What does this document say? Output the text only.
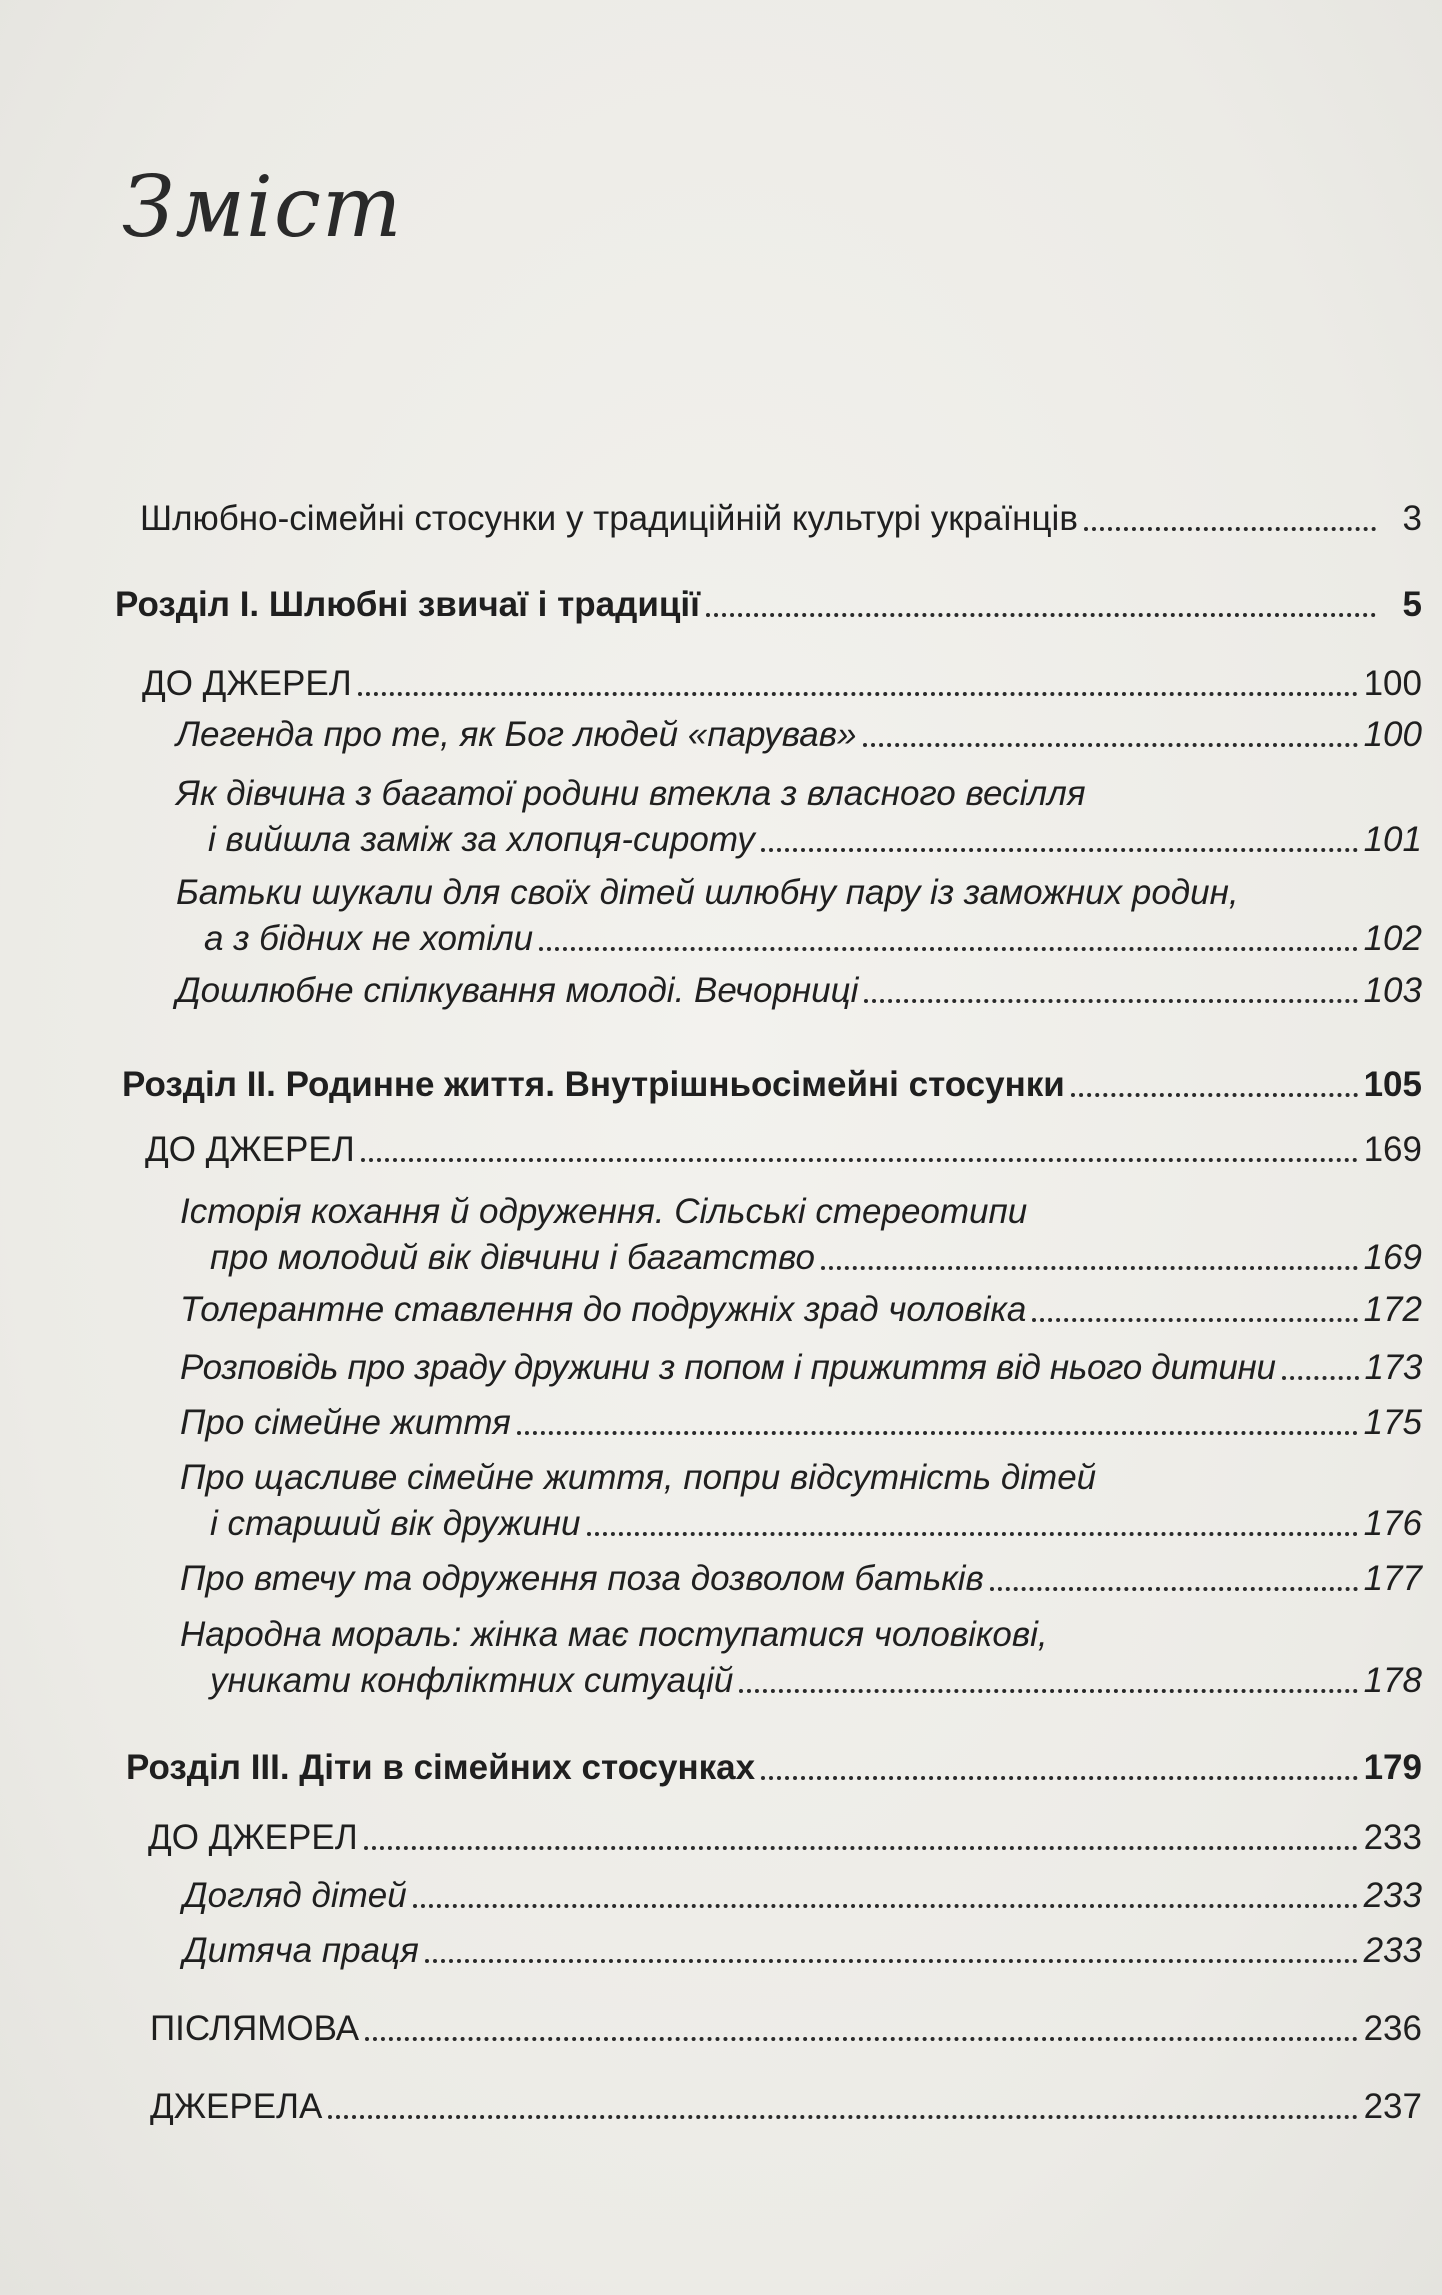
Зміст
Шлюбно-сімейні стосунки у традиційній культурі українців	3
Розділ І. Шлюбні звичаї і традиції	5
ДО ДЖЕРЕЛ	100
Легенда про те, як Бог людей «парував»	100
Як дівчина з багатої родини втекла з власного весілля
і вийшла заміж за хлопця-сироту	101
Батьки шукали для своїх дітей шлюбну пару із заможних родин,
а з бідних не хотіли	102
Дошлюбне спілкування молоді. Вечорниці	103
Розділ ІІ. Родинне життя. Внутрішньосімейні стосунки	105
ДО ДЖЕРЕЛ	169
Історія кохання й одруження. Сільські стереотипи
про молодий вік дівчини і багатство	169
Толерантне ставлення до подружніх зрад чоловіка	172
Розповідь про зраду дружини з попом і прижиття від нього дитини	173
Про сімейне життя	175
Про щасливе сімейне життя, попри відсутність дітей
і старший вік дружини	176
Про втечу та одруження поза дозволом батьків	177
Народна мораль: жінка має поступатися чоловікові,
уникати конфліктних ситуацій	178
Розділ ІІІ. Діти в сімейних стосунках	179
ДО ДЖЕРЕЛ	233
Догляд дітей	233
Дитяча праця	233
ПІСЛЯМОВА	236
ДЖЕРЕЛА	237
